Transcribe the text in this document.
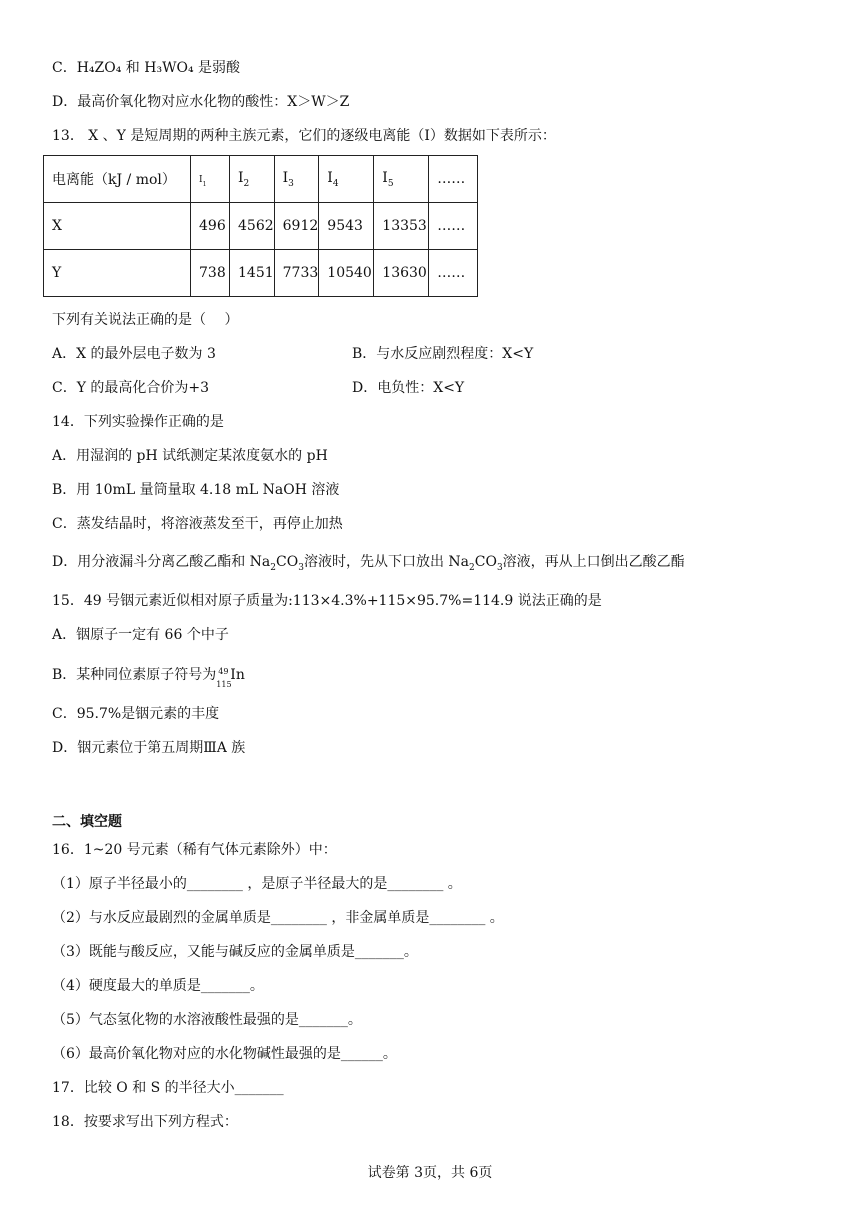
C．H₄ZO₄ 和 H₃WO₄ 是弱酸
D．最高价氧化物对应水化物的酸性：X＞W＞Z
13． X 、Y 是短周期的两种主族元素，它们的逐级电离能（I）数据如下表所示：
电离能（kJ / mol）	$I_1$	$I_2$	$I_3$	$I_4$	$I_5$	……
X	496	4562	6912	9543	13353	……
Y	738	1451	7733	10540	13630	……
下列有关说法正确的是（　 ）
A．X 的最外层电子数为 3	B．与水反应剧烈程度：X<Y
C．Y 的最高化合价为+3	D．电负性：X<Y
14．下列实验操作正确的是
A．用湿润的 pH 试纸测定某浓度氨水的 pH
B．用 10mL 量筒量取 4.18 mL NaOH 溶液
C．蒸发结晶时，将溶液蒸发至干，再停止加热
D．用分液漏斗分离乙酸乙酯和 $Na_2CO_3$溶液时，先从下口放出 $Na_2CO_3$溶液，再从上口倒出乙酸乙酯
15．49 号铟元素近似相对原子质量为:113×4.3%+115×95.7%=114.9 说法正确的是
A．铟原子一定有 66 个中子
B．某种同位素原子符号为 49
115
In
C．95.7%是铟元素的丰度
D．铟元素位于第五周期ⅢA 族
二、填空题
16．1~20 号元素（稀有气体元素除外）中：
（1）原子半径最小的________ ，是原子半径最大的是________ 。
（2）与水反应最剧烈的金属单质是________ ，非金属单质是________ 。
（3）既能与酸反应，又能与碱反应的金属单质是_______。
（4）硬度最大的单质是_______。
（5）气态氢化物的水溶液酸性最强的是_______。
（6）最高价氧化物对应的水化物碱性最强的是______。
17．比较 O 和 S 的半径大小_______
18．按要求写出下列方程式：
试卷第 3页，共 6页
